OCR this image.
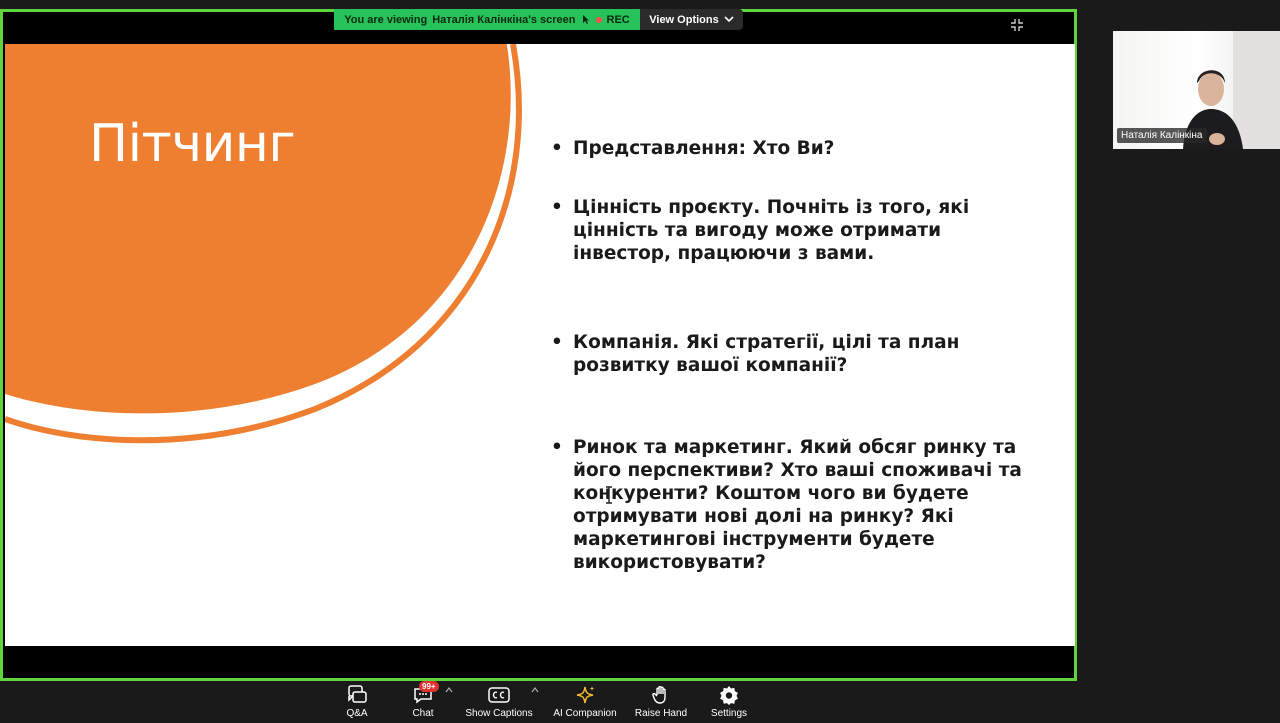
Пітчинг	• Представлення: Хто Ви?
• Цінність проєкту. Почніть із того, які цінність та вигоду може отримати інвестор, працюючи з вами.
• Компанія. Які стратегії, цілі та план розвитку вашої компанії?
• Ринок та маркетинг. Який обсяг ринку та його перспективи? Хто ваші споживачі та конкуренти? Коштом чого ви будете отримувати нові долі на ринку? Які маркетингові інструменти будете використовувати?
You are viewing Наталія Калінкіна's screen	REC View Options
Наталія Калінкіна
Q&A	Chat
99+
Show Captions AI Companion Raise Hand Settings
